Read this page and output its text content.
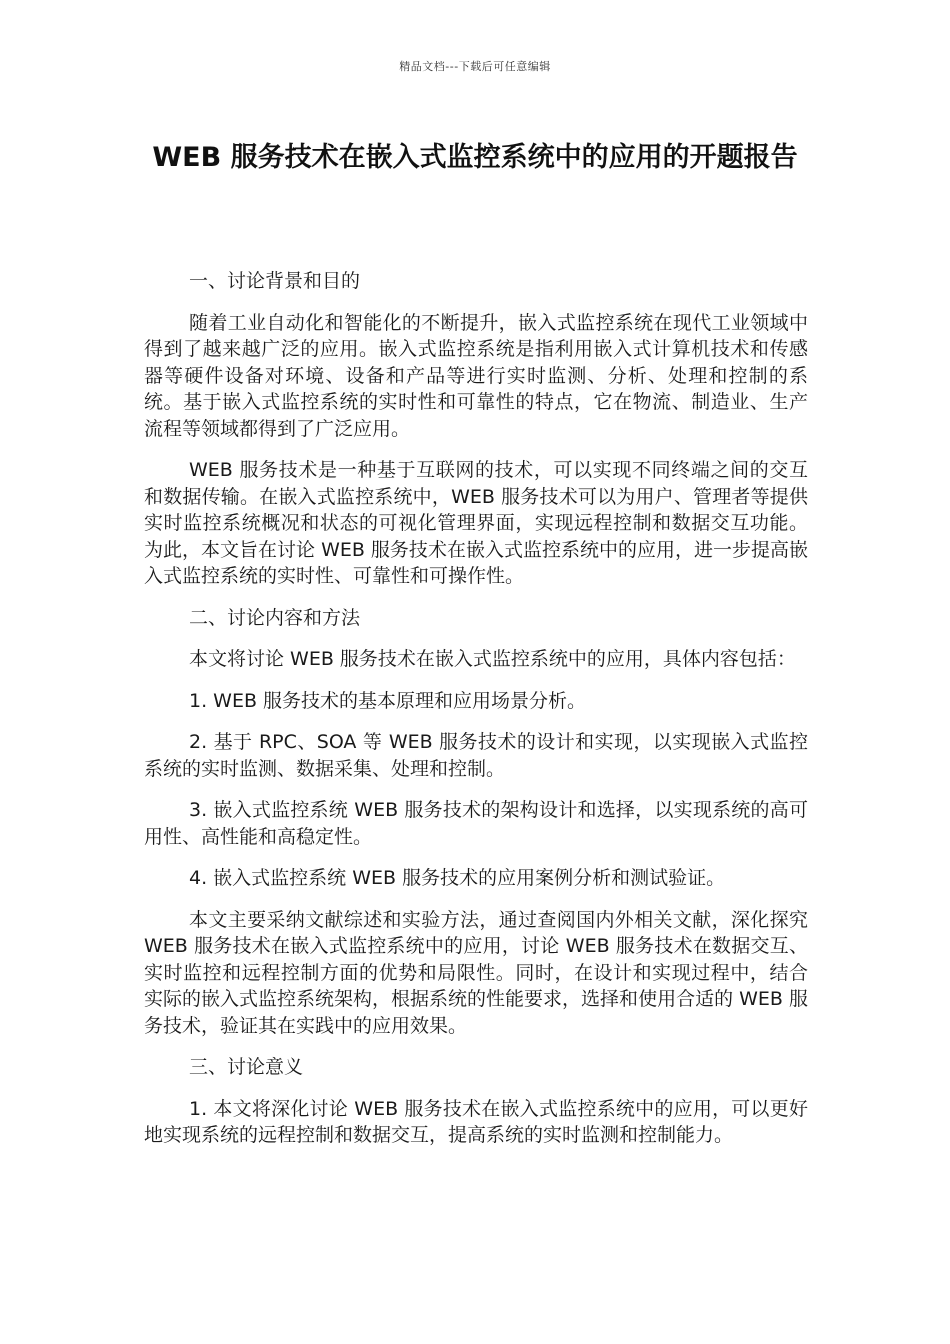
精品文档---下载后可任意编辑
WEB 服务技术在嵌入式监控系统中的应用的开题报告

一、讨论背景和目的

随着工业自动化和智能化的不断提升，嵌入式监控系统在现代工业领域中得到了越来越广泛的应用。嵌入式监控系统是指利用嵌入式计算机技术和传感器等硬件设备对环境、设备和产品等进行实时监测、分析、处理和控制的系统。基于嵌入式监控系统的实时性和可靠性的特点，它在物流、制造业、生产流程等领域都得到了广泛应用。

WEB 服务技术是一种基于互联网的技术，可以实现不同终端之间的交互和数据传输。在嵌入式监控系统中，WEB 服务技术可以为用户、管理者等提供实时监控系统概况和状态的可视化管理界面，实现远程控制和数据交互功能。为此，本文旨在讨论 WEB 服务技术在嵌入式监控系统中的应用，进一步提高嵌入式监控系统的实时性、可靠性和可操作性。

二、讨论内容和方法

本文将讨论 WEB 服务技术在嵌入式监控系统中的应用，具体内容包括：

1. WEB 服务技术的基本原理和应用场景分析。

2. 基于 RPC、SOA 等 WEB 服务技术的设计和实现，以实现嵌入式监控系统的实时监测、数据采集、处理和控制。

3. 嵌入式监控系统 WEB 服务技术的架构设计和选择，以实现系统的高可用性、高性能和高稳定性。

4. 嵌入式监控系统 WEB 服务技术的应用案例分析和测试验证。

本文主要采纳文献综述和实验方法，通过查阅国内外相关文献，深化探究 WEB 服务技术在嵌入式监控系统中的应用，讨论 WEB 服务技术在数据交互、实时监控和远程控制方面的优势和局限性。同时，在设计和实现过程中，结合实际的嵌入式监控系统架构，根据系统的性能要求，选择和使用合适的 WEB 服务技术，验证其在实践中的应用效果。

三、讨论意义

1. 本文将深化讨论 WEB 服务技术在嵌入式监控系统中的应用，可以更好地实现系统的远程控制和数据交互，提高系统的实时监测和控制能力。
